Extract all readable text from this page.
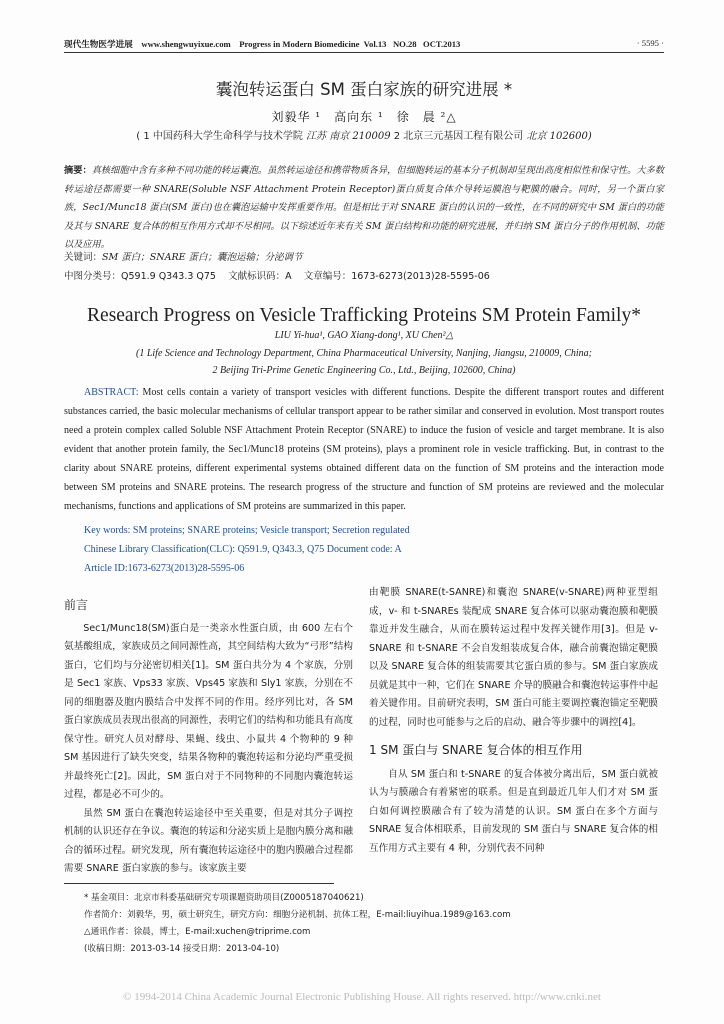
现代生物医学进展 www.shengwuyixue.com Progress in Modern Biomedicine Vol.13 NO.28 OCT.2013	· 5595 ·
囊泡转运蛋白 SM 蛋白家族的研究进展 *
刘毅华 ¹　高向东 ¹　徐　晨 ²△
( 1 中国药科大学生命科学与技术学院 江苏 南京 210009 2 北京三元基因工程有限公司 北京 102600)
摘要：真核细胞中含有多种不同功能的转运囊泡。虽然转运途径和携带物质各异，但细胞转运的基本分子机制却呈现出高度相似性和保守性。大多数转运途径都需要一种 SNARE(Soluble NSF Attachment Protein Receptor)蛋白质复合体介导转运膜泡与靶膜的融合。同时，另一个蛋白家族，Sec1/Munc18 蛋白(SM 蛋白)也在囊泡运输中发挥重要作用。但是相比于对 SNARE 蛋白的认识的一致性，在不同的研究中 SM 蛋白的功能及其与 SNARE 复合体的相互作用方式却不尽相同。以下综述近年来有关 SM 蛋白结构和功能的研究进展，并归纳 SM 蛋白分子的作用机制、功能以及应用。
关键词：SM 蛋白；SNARE 蛋白；囊泡运输；分泌调节
中图分类号：Q591.9 Q343.3 Q75 文献标识码：A 文章编号：1673-6273(2013)28-5595-06
Research Progress on Vesicle Trafficking Proteins SM Protein Family*
LIU Yi-hua¹, GAO Xiang-dong¹, XU Chen²△
(1 Life Science and Technology Department, China Pharmaceutical University, Nanjing, Jiangsu, 210009, China;
2 Beijing Tri-Prime Genetic Engineering Co., Ltd., Beijing, 102600, China)
ABSTRACT: Most cells contain a variety of transport vesicles with different functions. Despite the different transport routes and different substances carried, the basic molecular mechanisms of cellular transport appear to be rather similar and conserved in evolution. Most transport routes need a protein complex called Soluble NSF Attachment Protein Receptor (SNARE) to induce the fusion of vesicle and target membrane. It is also evident that another protein family, the Sec1/Munc18 proteins (SM proteins), plays a prominent role in vesicle trafficking. But, in contrast to the clarity about SNARE proteins, different experimental systems obtained different data on the function of SM proteins and the interaction mode between SM proteins and SNARE proteins. The research progress of the structure and function of SM proteins are reviewed and the molecular mechanisms, functions and applications of SM proteins are summarized in this paper.
Key words: SM proteins; SNARE proteins; Vesicle transport; Secretion regulated
Chinese Library Classification(CLC): Q591.9, Q343.3, Q75 Document code: A
Article ID:1673-6273(2013)28-5595-06
前言

Sec1/Munc18(SM)蛋白是一类亲水性蛋白质，由 600 左右个氨基酸组成，家族成员之间同源性高，其空间结构大致为“弓形”结构蛋白，它们均与分泌密切相关[1]。SM 蛋白共分为 4 个家族，分别是 Sec1 家族、Vps33 家族、Vps45 家族和 Sly1 家族，分别在不同的细胞器及胞内膜结合中发挥不同的作用。经序列比对，各 SM 蛋白家族成员表现出很高的同源性，表明它们的结构和功能具有高度保守性。研究人员对酵母、果蝇、线虫、小鼠共 4 个物种的 9 种 SM 基因进行了缺失突变，结果各物种的囊泡转运和分泌均严重受损并最终死亡[2]。因此，SM 蛋白对于不同物种的不同胞内囊泡转运过程，都是必不可少的。

虽然 SM 蛋白在囊泡转运途径中至关重要，但是对其分子调控机制的认识还存在争议。囊泡的转运和分泌实质上是胞内膜分离和融合的循环过程。研究发现，所有囊泡转运途径中的胞内膜融合过程都需要 SNARE 蛋白家族的参与。该家族主要

由靶膜 SNARE(t-SANRE)和囊泡 SNARE(v-SNARE)两种亚型组成，v- 和 t-SNAREs 装配成 SNARE 复合体可以驱动囊泡膜和靶膜靠近并发生融合，从而在膜转运过程中发挥关键作用[3]。但是 v-SNARE 和 t-SNARE 不会自发组装成复合体，融合前囊泡锚定靶膜以及 SNARE 复合体的组装需要其它蛋白质的参与。SM 蛋白家族成员就是其中一种，它们在 SNARE 介导的膜融合和囊泡转运事件中起着关键作用。目前研究表明，SM 蛋白可能主要调控囊泡锚定至靶膜的过程，同时也可能参与之后的启动、融合等步骤中的调控[4]。

1 SM 蛋白与 SNARE 复合体的相互作用

自从 SM 蛋白和 t-SNARE 的复合体被分离出后，SM 蛋白就被认为与膜融合有着紧密的联系。但是直到最近几年人们才对 SM 蛋白如何调控膜融合有了较为清楚的认识。SM 蛋白在多个方面与 SNRAE 复合体相联系，目前发现的 SM 蛋白与 SNARE 复合体的相互作用方式主要有 4 种，分别代表不同种

* 基金项目：北京市科委基础研究专项课题资助项目(Z0005187040621)
作者简介：刘毅华，男，硕士研究生，研究方向：细胞分泌机制、抗体工程，E-mail:liuyihua.1989@163.com
△通讯作者：徐晨，博士，E-mail:xuchen@triprime.com
(收稿日期：2013-03-14 接受日期：2013-04-10)
© 1994-2014 China Academic Journal Electronic Publishing House. All rights reserved. http://www.cnki.net
